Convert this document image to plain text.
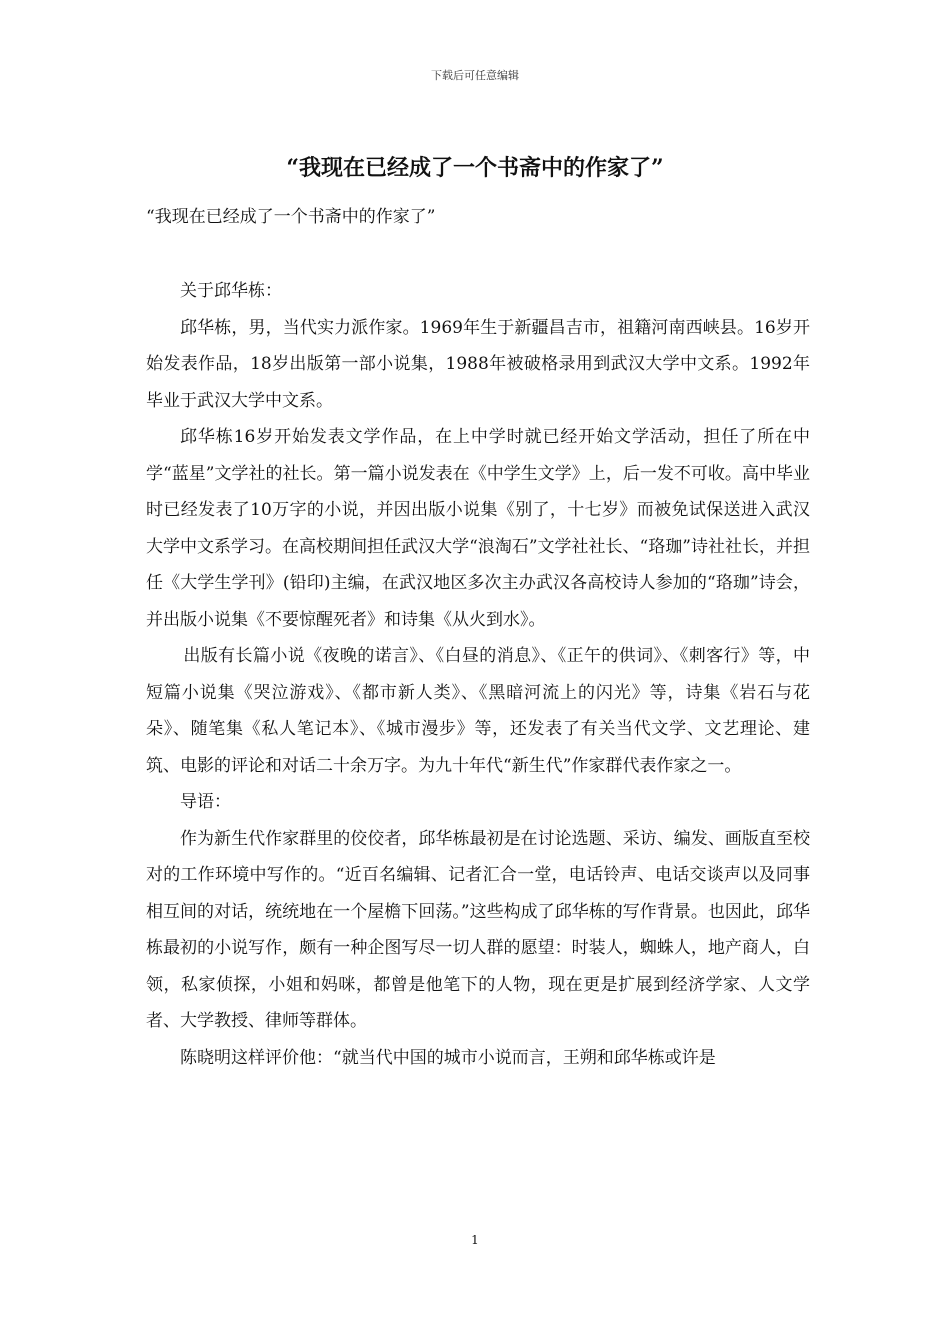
下载后可任意编辑
“我现在已经成了一个书斋中的作家了”

“我现在已经成了一个书斋中的作家了”

关于邱华栋：

邱华栋，男，当代实力派作家。1969年生于新疆昌吉市，祖籍河南西峡县。16岁开始发表作品，18岁出版第一部小说集，1988年被破格录用到武汉大学中文系。1992年毕业于武汉大学中文系。

邱华栋16岁开始发表文学作品，在上中学时就已经开始文学活动，担任了所在中学“蓝星”文学社的社长。第一篇小说发表在《中学生文学》上，后一发不可收。高中毕业时已经发表了10万字的小说，并因出版小说集《别了，十七岁》而被免试保送进入武汉大学中文系学习。在高校期间担任武汉大学“浪淘石”文学社社长、“珞珈”诗社社长，并担任《大学生学刊》(铅印)主编，在武汉地区多次主办武汉各高校诗人参加的“珞珈”诗会，并出版小说集《不要惊醒死者》和诗集《从火到水》。

出版有长篇小说《夜晚的诺言》、《白昼的消息》、《正午的供词》、《刺客行》等，中短篇小说集《哭泣游戏》、《都市新人类》、《黑暗河流上的闪光》等，诗集《岩石与花朵》、随笔集《私人笔记本》、《城市漫步》等，还发表了有关当代文学、文艺理论、建筑、电影的评论和对话二十余万字。为九十年代“新生代”作家群代表作家之一。

导语：

作为新生代作家群里的佼佼者，邱华栋最初是在讨论选题、采访、编发、画版直至校对的工作环境中写作的。“近百名编辑、记者汇合一堂，电话铃声、电话交谈声以及同事相互间的对话，统统地在一个屋檐下回荡。”这些构成了邱华栋的写作背景。也因此，邱华栋最初的小说写作，颇有一种企图写尽一切人群的愿望：时装人，蜘蛛人，地产商人，白领，私家侦探，小姐和妈咪，都曾是他笔下的人物，现在更是扩展到经济学家、人文学者、大学教授、律师等群体。

陈晓明这样评价他：“就当代中国的城市小说而言，王朔和邱华栋或许是

1
